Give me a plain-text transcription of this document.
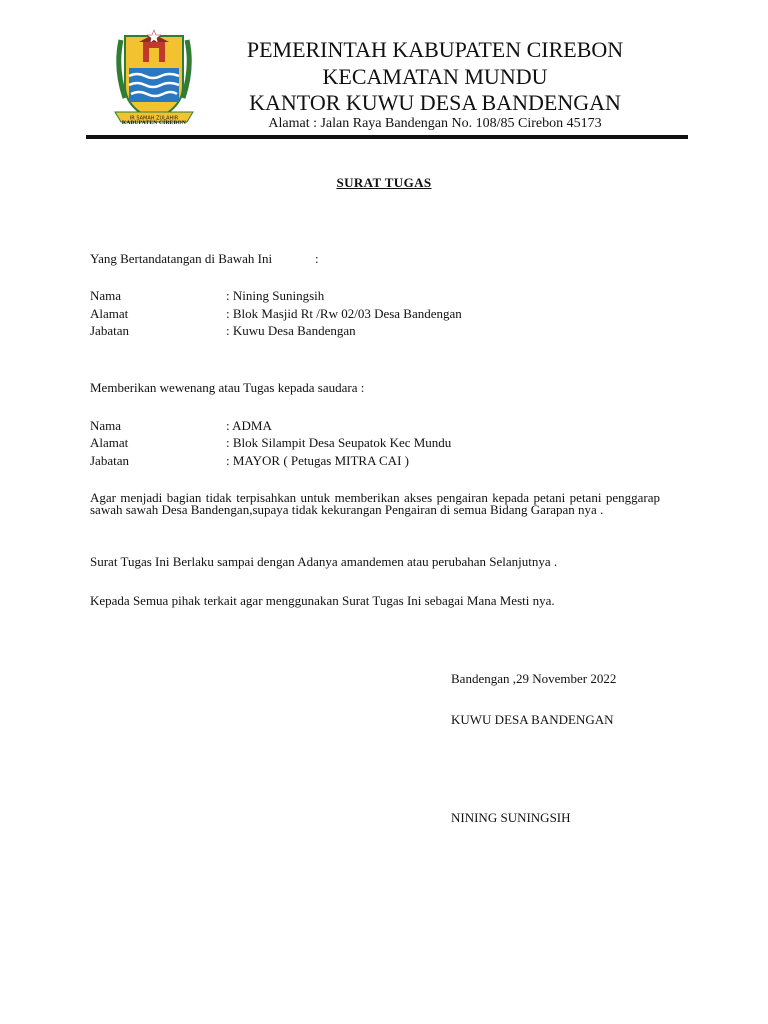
IR SAMAH ZULAHIR
KABUPATEN CIREBON
PEMERINTAH KABUPATEN CIREBON
KECAMATAN MUNDU
KANTOR KUWU DESA BANDENGAN
Alamat : Jalan Raya Bandengan No. 108/85 Cirebon 45173
SURAT TUGAS
Yang Bertandatangan di Bawah Ini	:
Nama	: Nining Suningsih
Alamat	: Blok Masjid Rt /Rw 02/03 Desa Bandengan
Jabatan	: Kuwu Desa Bandengan
Memberikan wewenang atau Tugas kepada saudara :
Nama	: ADMA
Alamat	: Blok Silampit Desa Seupatok Kec Mundu
Jabatan	: MAYOR ( Petugas MITRA CAI )
Agar menjadi bagian tidak terpisahkan untuk memberikan akses pengairan kepada petani petani penggarap sawah sawah Desa Bandengan,supaya tidak kekurangan Pengairan di semua Bidang Garapan nya .
Surat Tugas Ini Berlaku sampai dengan Adanya amandemen atau perubahan Selanjutnya .
Kepada Semua pihak terkait agar menggunakan Surat Tugas Ini sebagai Mana Mesti nya.
Bandengan ,29 November 2022
KUWU DESA BANDENGAN
NINING SUNINGSIH
